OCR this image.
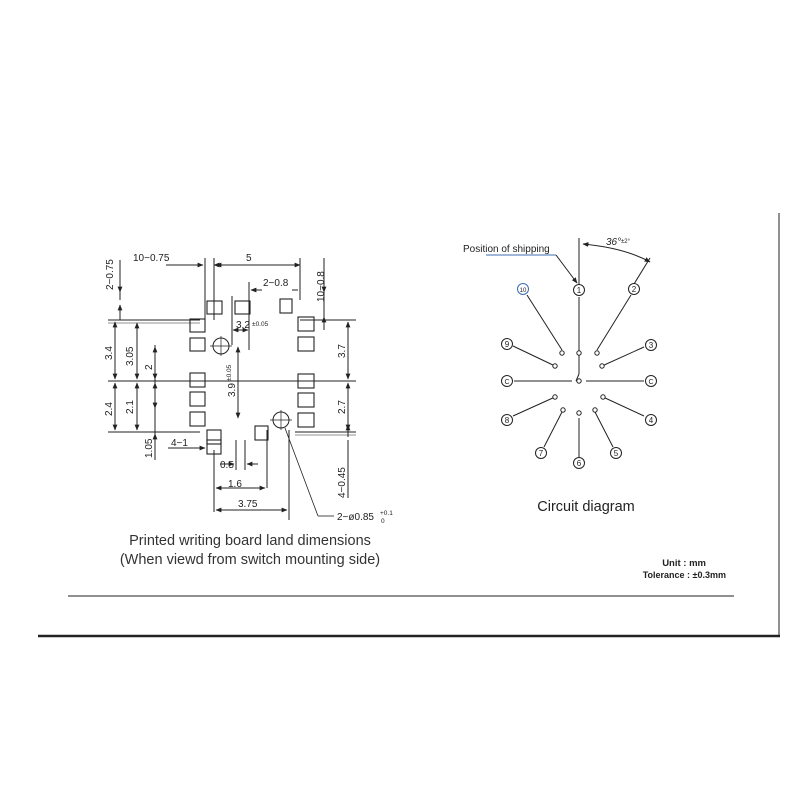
10−0.75	5
2−0.8	10−0.8
2−0.75
3.2 ±0.05
3.4 3.05
2
3.9
±0.05
3.7
2.4 2.1	2.7
1.05 4−1
0.5
1.6
3.75
4−0.45
2−ø0.85 +0.1
0
1	2
3
4
5
6
7
8
9
10
C	C
Position of shipping
36° ±2°
Circuit diagram
Printed writing board land dimensions
(When viewd from switch mounting side)	Unit : mm
Tolerance : ±0.3mm
